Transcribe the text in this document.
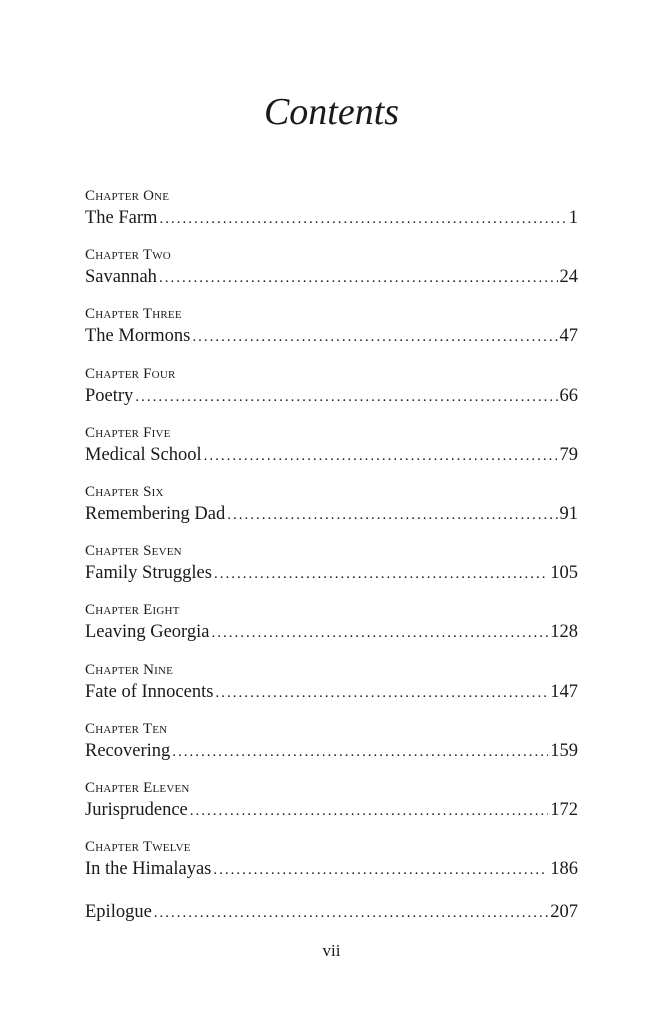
Contents
Chapter One
The Farm .....	1
Chapter Two
Savannah .....	24
Chapter Three
The Mormons .....	47
Chapter Four
Poetry .....	66
Chapter Five
Medical School .....	79
Chapter Six
Remembering Dad .....	91
Chapter Seven
Family Struggles .....	105
Chapter Eight
Leaving Georgia .....	128
Chapter Nine
Fate of Innocents .....	147
Chapter Ten
Recovering .....	159
Chapter Eleven
Jurisprudence .....	172
Chapter Twelve
In the Himalayas .....	186
Epilogue .....	207
vii
